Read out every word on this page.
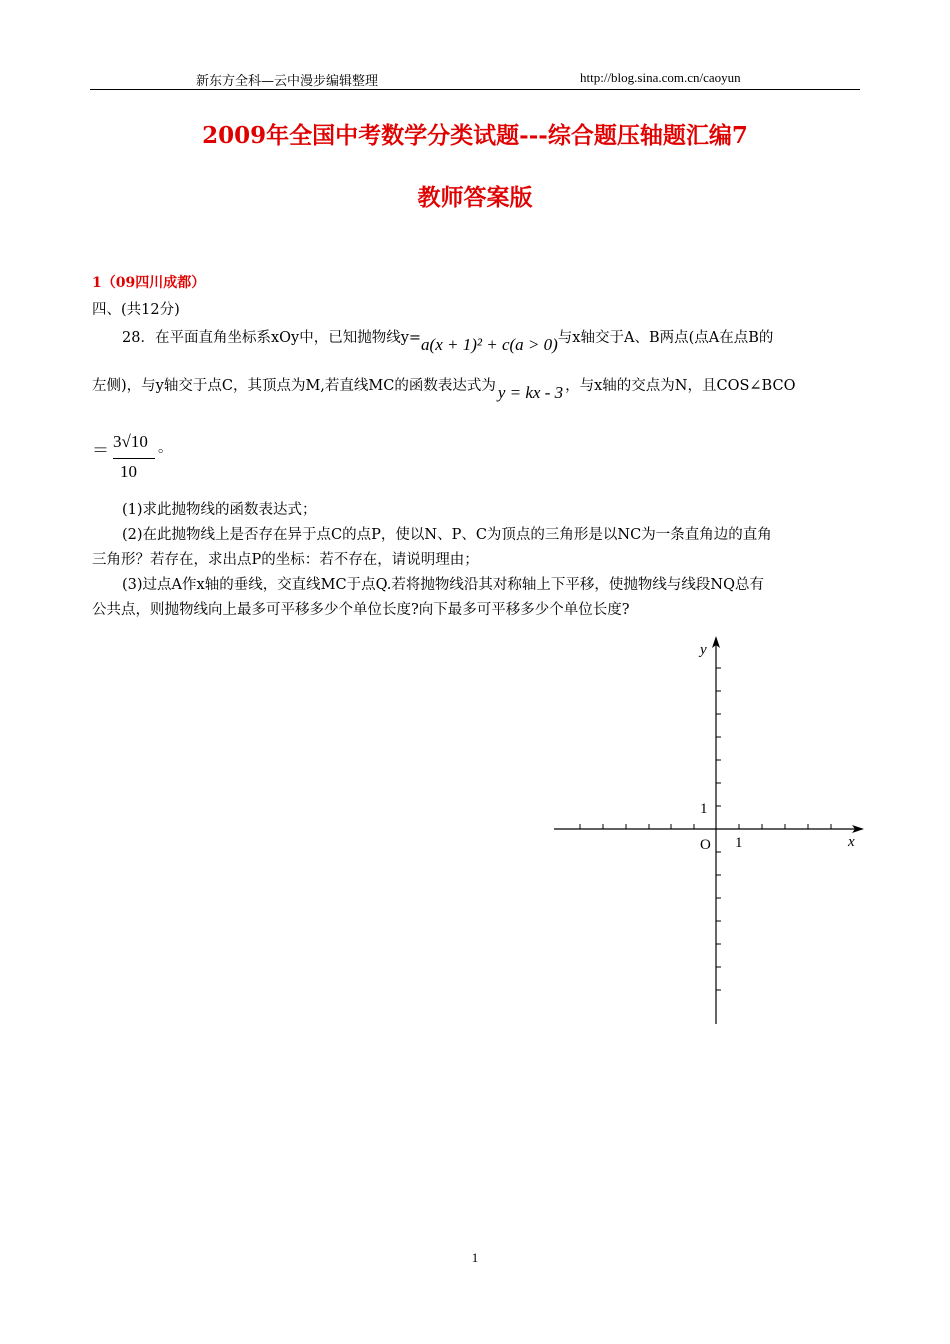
新东方全科—云中漫步编辑整理	http://blog.sina.com.cn/caoyun
2009年全国中考数学分类试题---综合题压轴题汇编7
教师答案版
1（09四川成都）
四、(共12分)
28．在平面直角坐标系xOy中，已知抛物线y=a(x + 1)² + c(a > 0)与x轴交于A、B两点(点A在点B的
左侧)，与y轴交于点C，其顶点为M,若直线MC的函数表达式为 y = kx - 3 ，与x轴的交点为N，且COS∠BCO
＝ 3√10
10
。
(1)求此抛物线的函数表达式；
(2)在此抛物线上是否存在异于点C的点P，使以N、P、C为顶点的三角形是以NC为一条直角边的直角
三角形？若存在，求出点P的坐标：若不存在，请说明理由；
(3)过点A作x轴的垂线，交直线MC于点Q.若将抛物线沿其对称轴上下平移，使抛物线与线段NQ总有
公共点，则抛物线向上最多可平移多少个单位长度?向下最多可平移多少个单位长度?
y
x
O 1
1
1
